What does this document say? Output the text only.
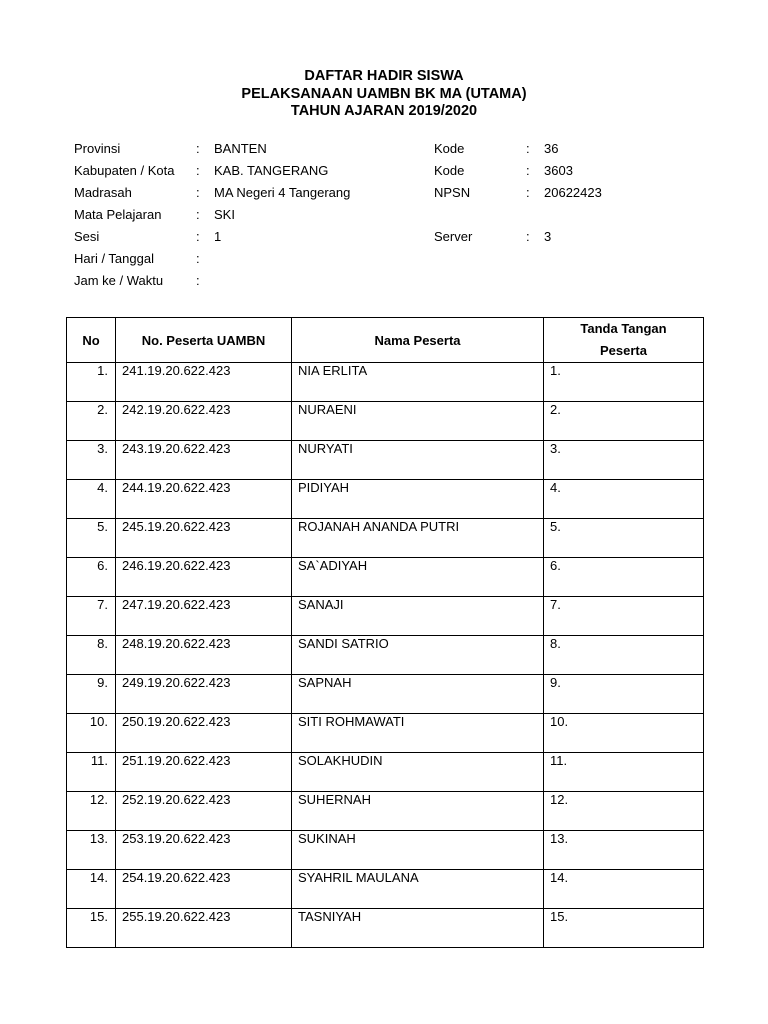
DAFTAR HADIR SISWA
PELAKSANAAN UAMBN BK MA (UTAMA)
TAHUN AJARAN 2019/2020
Provinsi	: BANTEN
Kabupaten / Kota : KAB. TANGERANG
Madrasah	: MA Negeri 4 Tangerang
Mata Pelajaran	: SKI
Sesi	: 1
Hari / Tanggal	:
Jam ke / Waktu	:
Kode	: 36
Kode	: 3603
NPSN	: 20622423
Server	: 3
No	No. Peserta UAMBN	Nama Peserta	Tanda Tangan
Peserta

1.	241.19.20.622.423	NIA ERLITA	1.

2.	242.19.20.622.423	NURAENI	2.

3.	243.19.20.622.423	NURYATI	3.

4.	244.19.20.622.423	PIDIYAH	4.

5.	245.19.20.622.423	ROJANAH ANANDA PUTRI	5.

6.	246.19.20.622.423	SA`ADIYAH	6.

7.	247.19.20.622.423	SANAJI	7.

8.	248.19.20.622.423	SANDI SATRIO	8.

9.	249.19.20.622.423	SAPNAH	9.

10.	250.19.20.622.423	SITI ROHMAWATI	10.

11.	251.19.20.622.423	SOLAKHUDIN	11.

12.	252.19.20.622.423	SUHERNAH	12.

13.	253.19.20.622.423	SUKINAH	13.

14.	254.19.20.622.423	SYAHRIL MAULANA	14.

15.	255.19.20.622.423	TASNIYAH	15.
